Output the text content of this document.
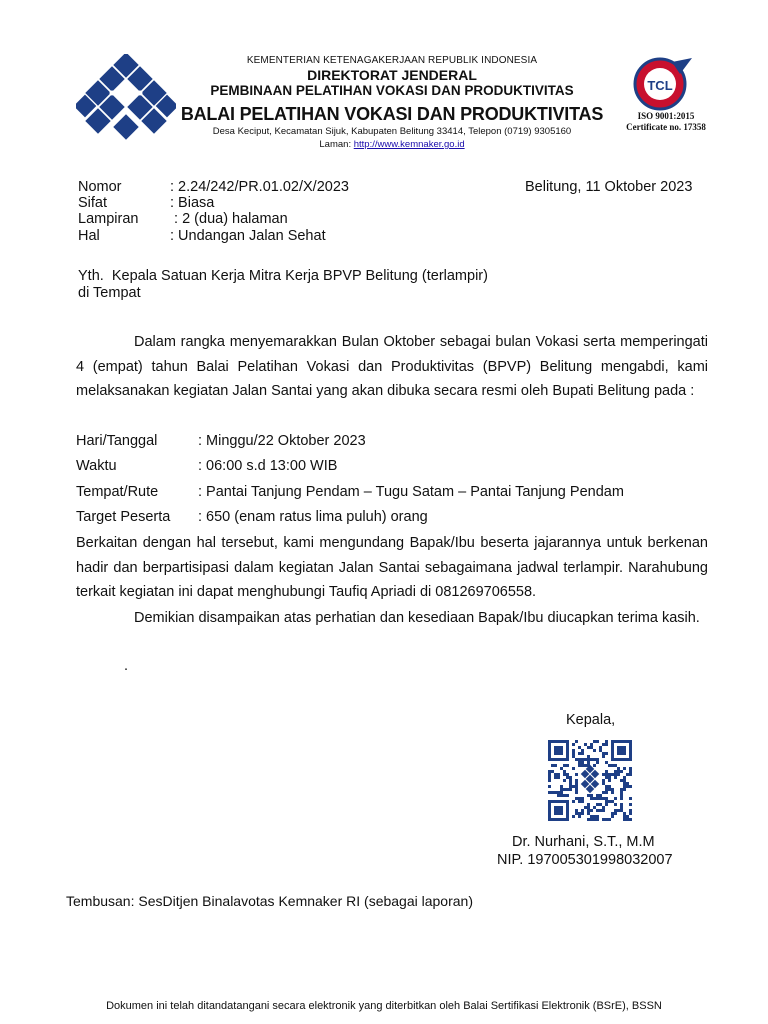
KEMENTERIAN KETENAGAKERJAAN REPUBLIK INDONESIA
DIREKTORAT JENDERAL
PEMBINAAN PELATIHAN VOKASI DAN PRODUKTIVITAS
BALAI PELATIHAN VOKASI DAN PRODUKTIVITAS
Desa Keciput, Kecamatan Sijuk, Kabupaten Belitung 33414, Telepon (0719) 9305160
Laman: http://www.kemnaker.go.id
TCL
ISO 9001:2015
Certificate no. 17358
Nomor	: 2.24/242/PR.01.02/X/2023
Sifat	: Biasa
Lampiran : 2 (dua) halaman
Hal	: Undangan Jalan Sehat
Belitung, 11 Oktober 2023
Yth.  Kepala Satuan Kerja Mitra Kerja BPVP Belitung (terlampir)
di Tempat

Dalam rangka menyemarakkan Bulan Oktober sebagai bulan Vokasi serta memperingati 4 (empat) tahun Balai Pelatihan Vokasi dan Produktivitas (BPVP) Belitung mengabdi, kami melaksanakan kegiatan Jalan Santai yang akan dibuka secara resmi oleh Bupati Belitung pada :

Hari/Tanggal	: Minggu/22 Oktober 2023
Waktu	: 06:00 s.d 13:00 WIB
Tempat/Rute	: Pantai Tanjung Pendam – Tugu Satam – Pantai Tanjung Pendam
Target Peserta : 650 (enam ratus lima puluh) orang

Berkaitan dengan hal tersebut, kami mengundang Bapak/Ibu beserta jajarannya untuk berkenan hadir dan berpartisipasi dalam kegiatan Jalan Santai sebagaimana jadwal terlampir. Narahubung terkait kegiatan ini dapat menghubungi Taufiq Apriadi di 081269706558.

Demikian disampaikan atas perhatian dan kesediaan Bapak/Ibu diucapkan terima kasih.

.
Kepala,
Dr. Nurhani, S.T., M.M
NIP. 197005301998032007
Tembusan: SesDitjen Binalavotas Kemnaker RI (sebagai laporan)
Dokumen ini telah ditandatangani secara elektronik yang diterbitkan oleh Balai Sertifikasi Elektronik (BSrE), BSSN
